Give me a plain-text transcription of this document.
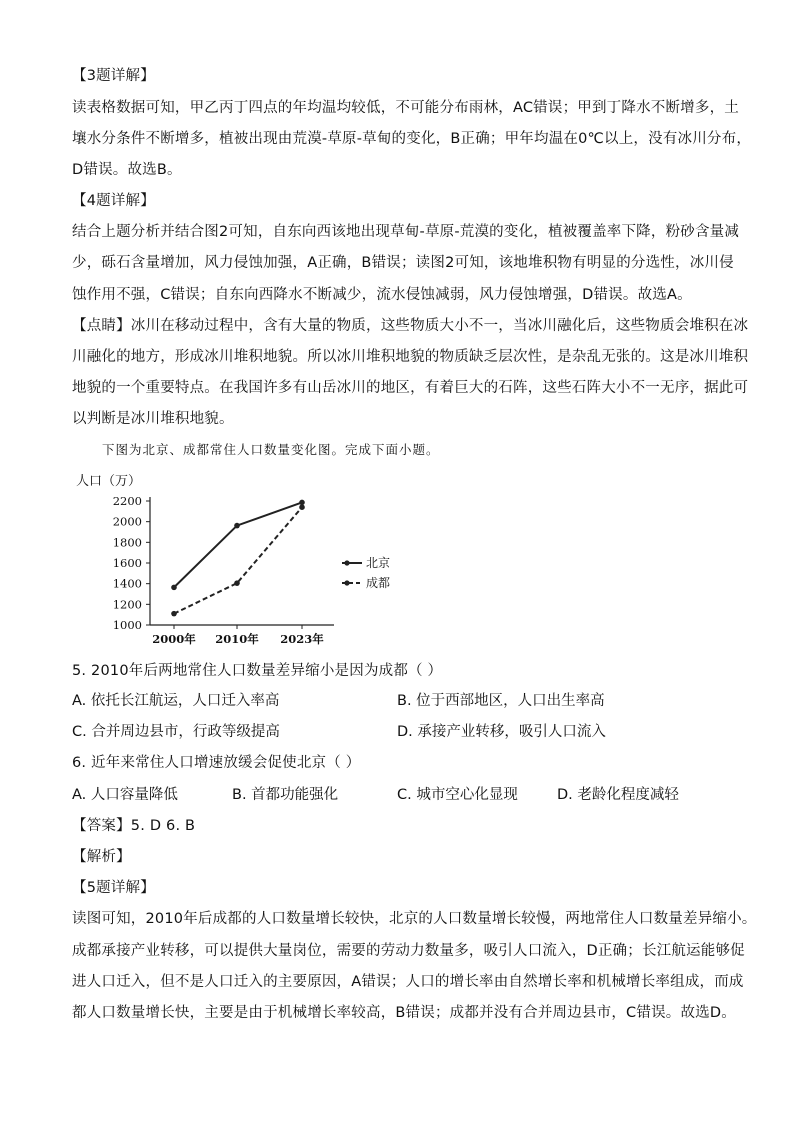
【3题详解】
读表格数据可知，甲乙丙丁四点的年均温均较低，不可能分布雨林，AC错误；甲到丁降水不断增多，土
壤水分条件不断增多，植被出现由荒漠-草原-草甸的变化，B正确；甲年均温在0℃以上，没有冰川分布，
D错误。故选B。
【4题详解】
结合上题分析并结合图2可知，自东向西该地出现草甸-草原-荒漠的变化，植被覆盖率下降，粉砂含量减
少，砾石含量增加，风力侵蚀加强，A正确，B错误；读图2可知，该地堆积物有明显的分选性，冰川侵
蚀作用不强，C错误；自东向西降水不断减少，流水侵蚀减弱，风力侵蚀增强，D错误。故选A。
【点睛】冰川在移动过程中，含有大量的物质，这些物质大小不一，当冰川融化后，这些物质会堆积在冰
川融化的地方，形成冰川堆积地貌。所以冰川堆积地貌的物质缺乏层次性，是杂乱无张的。这是冰川堆积
地貌的一个重要特点。在我国许多有山岳冰川的地区，有着巨大的石阵，这些石阵大小不一无序，据此可
以判断是冰川堆积地貌。
下图为北京、成都常住人口数量变化图。完成下面小题。
人口（万）
2200
2000
1800
1600
1400
1200
1000
2000年 2010年 2023年
北京
成都
5. 2010年后两地常住人口数量差异缩小是因为成都（ ）
A. 依托长江航运，人口迁入率高	B. 位于西部地区，人口出生率高
C. 合并周边县市，行政等级提高	D. 承接产业转移，吸引人口流入
6. 近年来常住人口增速放缓会促使北京（ ）
A. 人口容量降低	B. 首都功能强化	C. 城市空心化显现	D. 老龄化程度减轻
【答案】5. D 6. B
【解析】
【5题详解】
读图可知，2010年后成都的人口数量增长较快，北京的人口数量增长较慢，两地常住人口数量差异缩小。
成都承接产业转移，可以提供大量岗位，需要的劳动力数量多，吸引人口流入，D正确；长江航运能够促
进人口迁入，但不是人口迁入的主要原因，A错误；人口的增长率由自然增长率和机械增长率组成，而成
都人口数量增长快，主要是由于机械增长率较高，B错误；成都并没有合并周边县市，C错误。故选D。
